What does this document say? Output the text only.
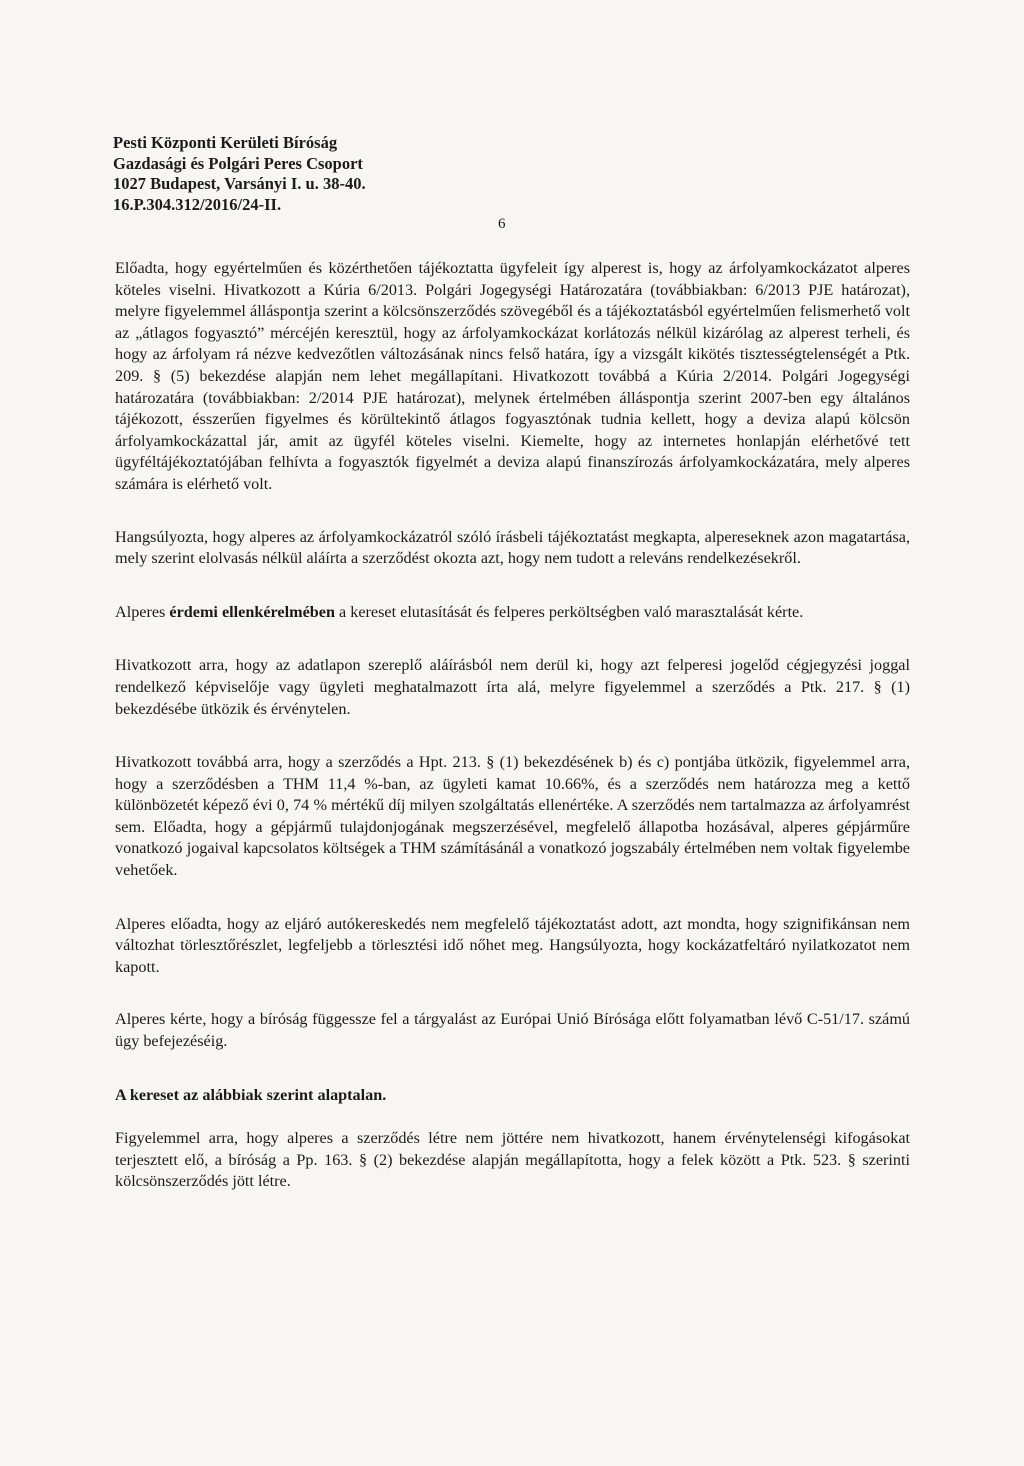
Pesti Központi Kerületi Bíróság
Gazdasági és Polgári Peres Csoport
1027 Budapest, Varsányi I. u. 38-40.
16.P.304.312/2016/24-II.
6

Előadta, hogy egyértelműen és közérthetően tájékoztatta ügyfeleit így alperest is, hogy az árfolyamkockázatot alperes köteles viselni. Hivatkozott a Kúria 6/2013. Polgári Jogegységi Határozatára (továbbiakban: 6/2013 PJE határozat), melyre figyelemmel álláspontja szerint a kölcsönszerződés szövegéből és a tájékoztatásból egyértelműen felismerhető volt az „átlagos fogyasztó” mércéjén keresztül, hogy az árfolyamkockázat korlátozás nélkül kizárólag az alperest terheli, és hogy az árfolyam rá nézve kedvezőtlen változásának nincs felső határa, így a vizsgált kikötés tisztességtelenségét a Ptk. 209. § (5) bekezdése alapján nem lehet megállapítani. Hivatkozott továbbá a Kúria 2/2014. Polgári Jogegységi határozatára (továbbiakban: 2/2014 PJE határozat), melynek értelmében álláspontja szerint 2007-ben egy általános tájékozott, ésszerűen figyelmes és körültekintő átlagos fogyasztónak tudnia kellett, hogy a deviza alapú kölcsön árfolyamkockázattal jár, amit az ügyfél köteles viselni. Kiemelte, hogy az internetes honlapján elérhetővé tett ügyféltájékoztatójában felhívta a fogyasztók figyelmét a deviza alapú finanszírozás árfolyamkockázatára, mely alperes számára is elérhető volt.

Hangsúlyozta, hogy alperes az árfolyamkockázatról szóló írásbeli tájékoztatást megkapta, alpereseknek azon magatartása, mely szerint elolvasás nélkül aláírta a szerződést okozta azt, hogy nem tudott a releváns rendelkezésekről.

Alperes érdemi ellenkérelmében a kereset elutasítását és felperes perköltségben való marasztalását kérte.

Hivatkozott arra, hogy az adatlapon szereplő aláírásból nem derül ki, hogy azt felperesi jogelőd cégjegyzési joggal rendelkező képviselője vagy ügyleti meghatalmazott írta alá, melyre figyelemmel a szerződés a Ptk. 217. § (1) bekezdésébe ütközik és érvénytelen.

Hivatkozott továbbá arra, hogy a szerződés a Hpt. 213. § (1) bekezdésének b) és c) pontjába ütközik, figyelemmel arra, hogy a szerződésben a THM 11,4 %-ban, az ügyleti kamat 10.66%, és a szerződés nem határozza meg a kettő különbözetét képező évi 0, 74 % mértékű díj milyen szolgáltatás ellenértéke. A szerződés nem tartalmazza az árfolyamrést sem. Előadta, hogy a gépjármű tulajdonjogának megszerzésével, megfelelő állapotba hozásával, alperes gépjárműre vonatkozó jogaival kapcsolatos költségek a THM számításánál a vonatkozó jogszabály értelmében nem voltak figyelembe vehetőek.

Alperes előadta, hogy az eljáró autókereskedés nem megfelelő tájékoztatást adott, azt mondta, hogy szignifikánsan nem változhat törlesztőrészlet, legfeljebb a törlesztési idő nőhet meg. Hangsúlyozta, hogy kockázatfeltáró nyilatkozatot nem kapott.

Alperes kérte, hogy a bíróság függessze fel a tárgyalást az Európai Unió Bírósága előtt folyamatban lévő C-51/17. számú ügy befejezéséig.

A kereset az alábbiak szerint alaptalan.

Figyelemmel arra, hogy alperes a szerződés létre nem jöttére nem hivatkozott, hanem érvénytelenségi kifogásokat terjesztett elő, a bíróság a Pp. 163. § (2) bekezdése alapján megállapította, hogy a felek között a Ptk. 523. § szerinti kölcsönszerződés jött létre.
